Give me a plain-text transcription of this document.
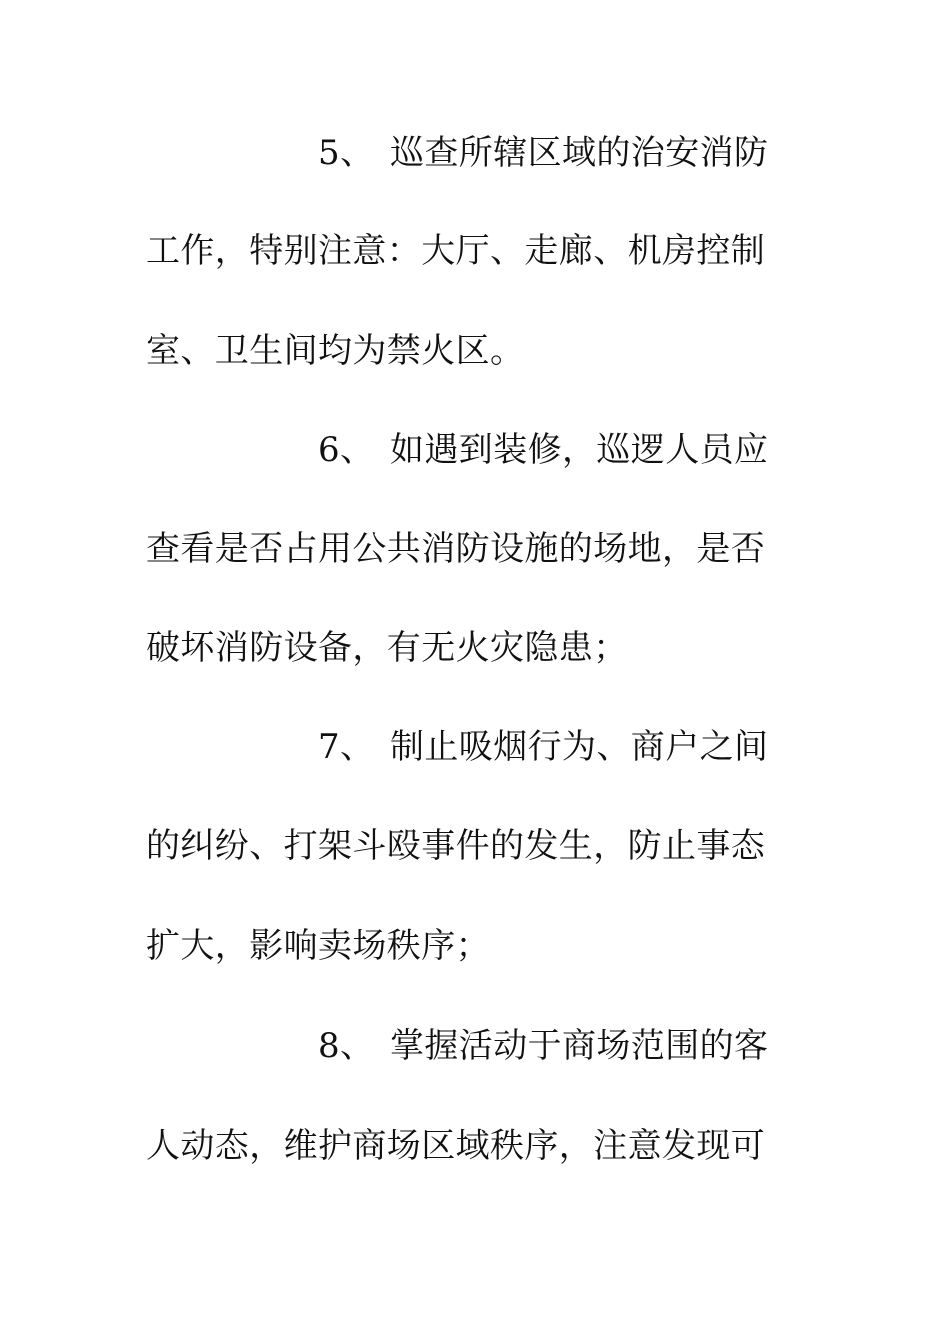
5、 巡查所辖区域的治安消防
工作，特别注意：大厅、走廊、机房控制
室、卫生间均为禁火区。
6、 如遇到装修，巡逻人员应
查看是否占用公共消防设施的场地，是否
破坏消防设备，有无火灾隐患；
7、 制止吸烟行为、商户之间
的纠纷、打架斗殴事件的发生，防止事态
扩大，影响卖场秩序；
8、 掌握活动于商场范围的客
人动态，维护商场区域秩序，注意发现可
